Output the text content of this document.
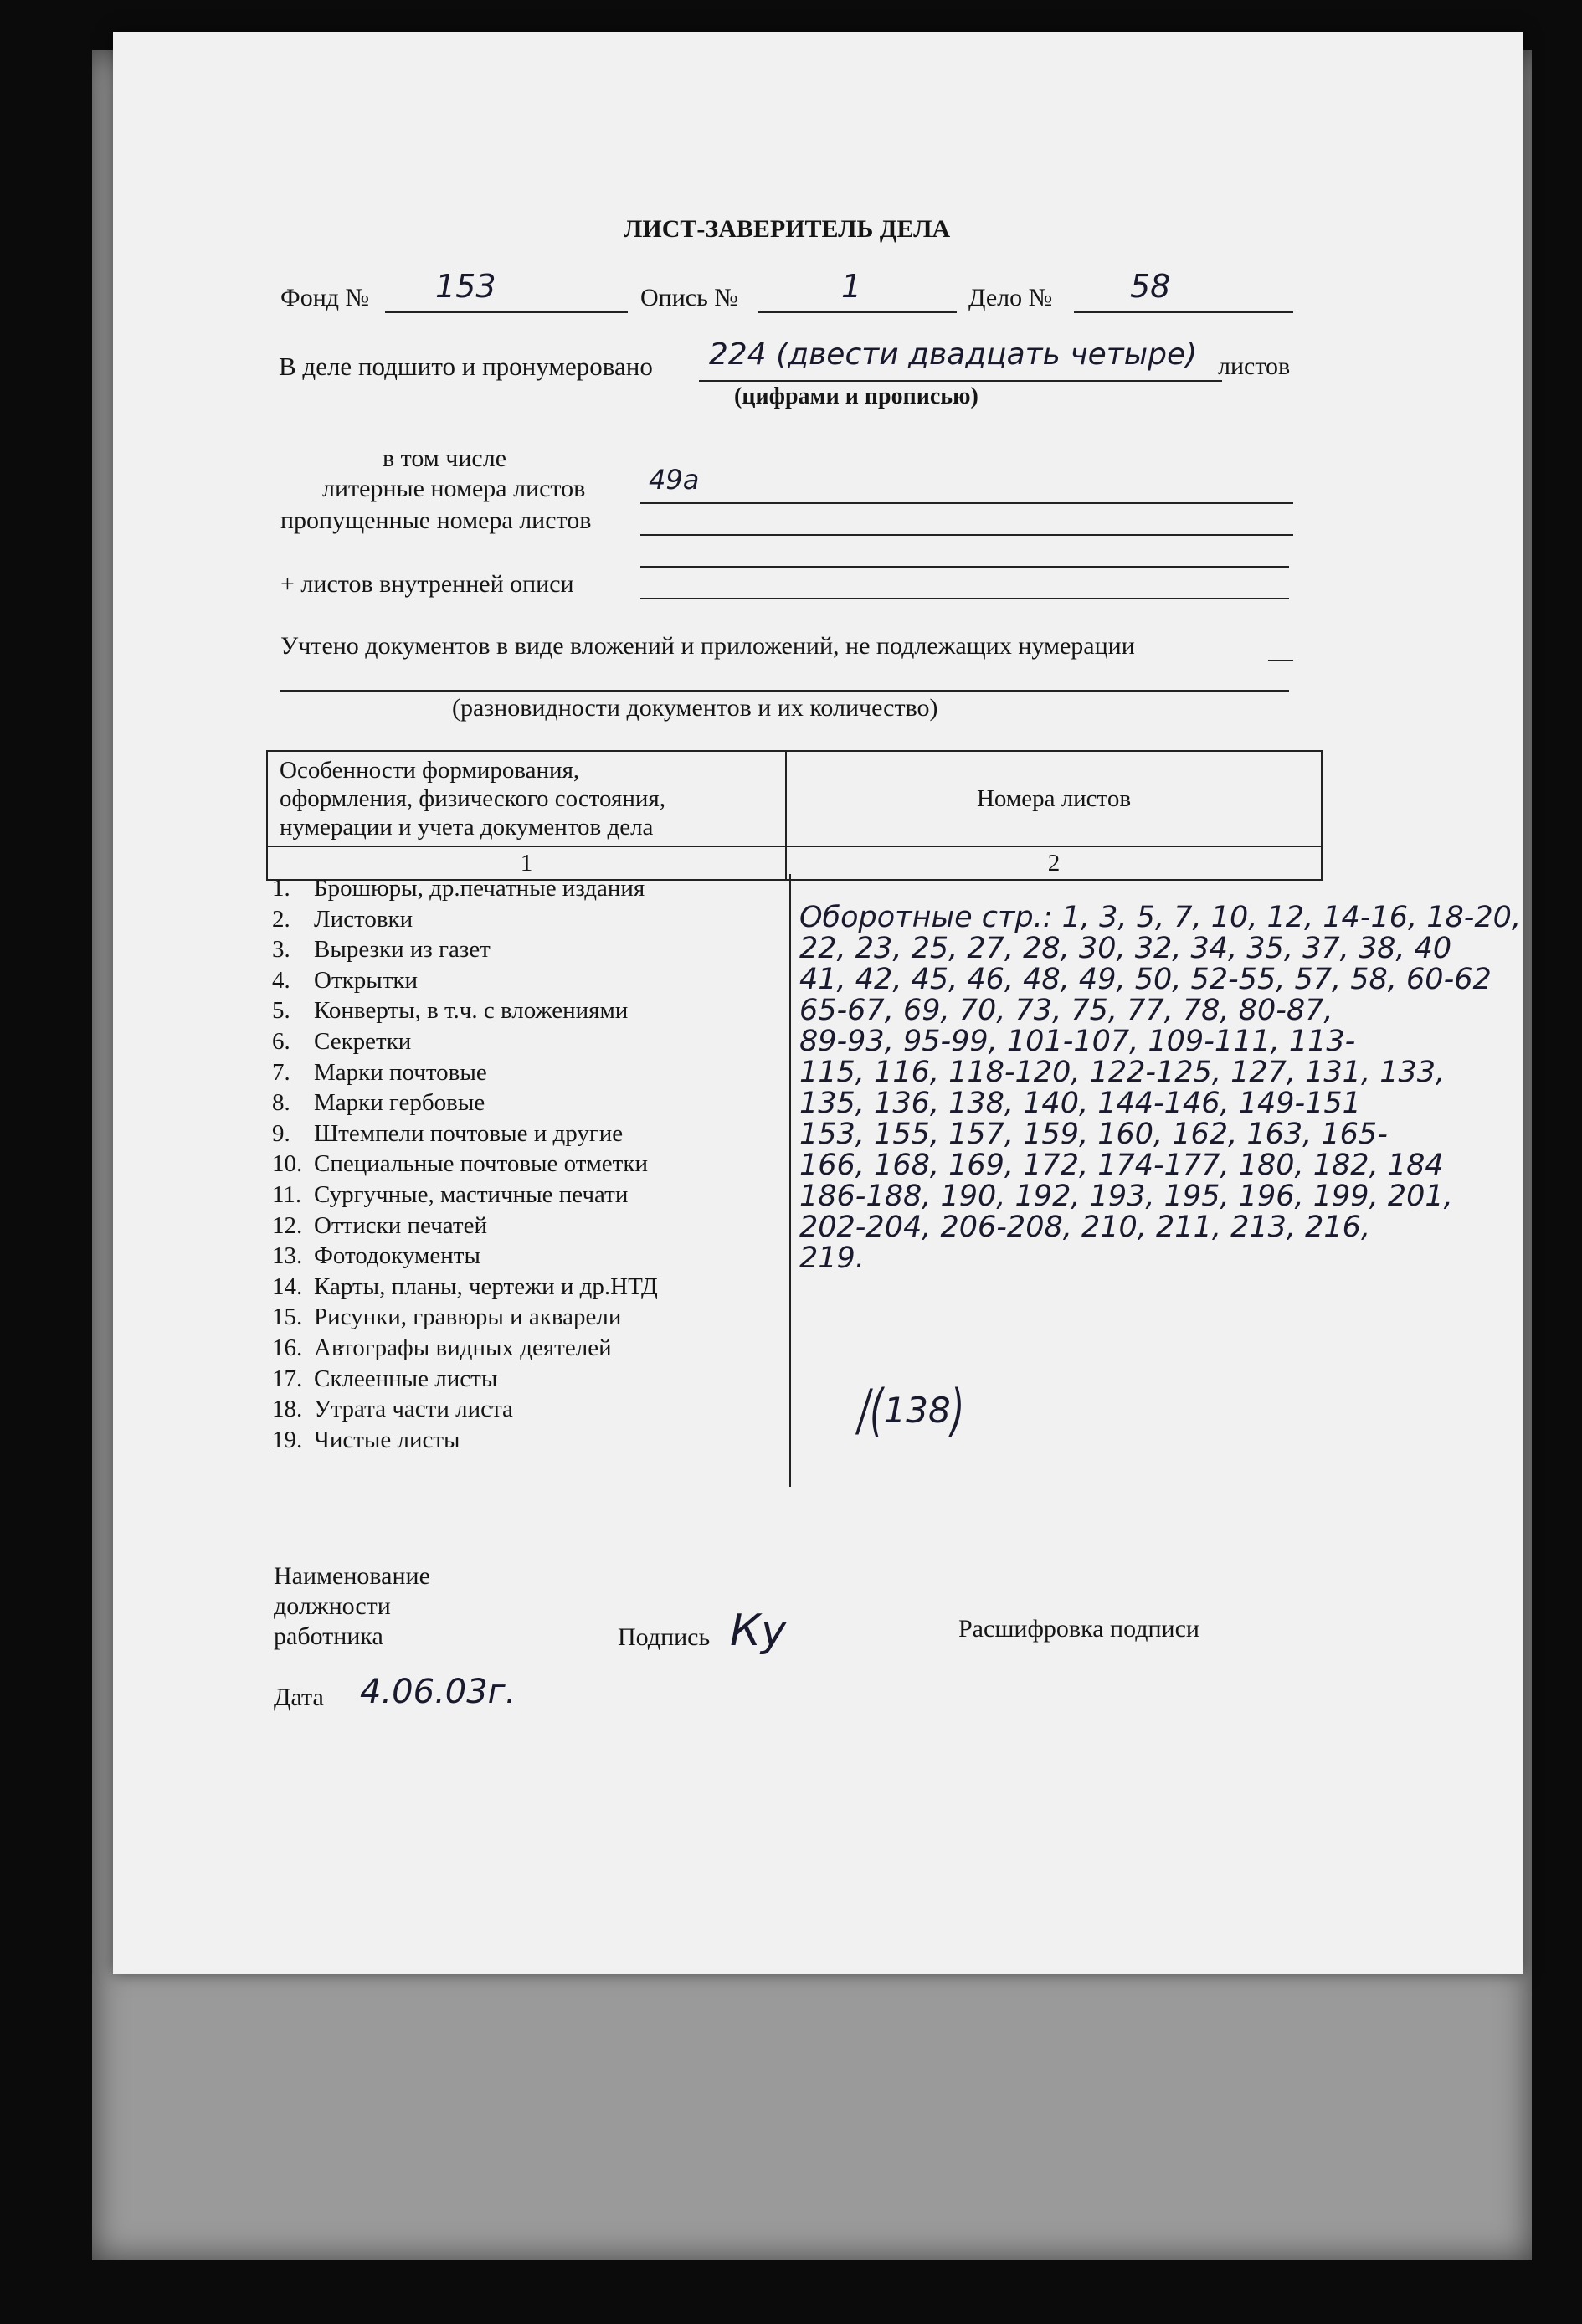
ЛИСТ-ЗАВЕРИТЕЛЬ ДЕЛА
Фонд № 153	Опись №	1	Дело № 58
В деле подшито и пронумеровано 224 (двести двадцать четыре) листов
(цифрами и прописью)
в том числе
литерные номера листов 49а
пропущенные номера листов
+ листов внутренней описи
Учтено документов в виде вложений и приложений, не подлежащих нумерации
(разновидности документов и их количество)
Особенности формирования,
оформления, физического состояния,
нумерации и учета документов дела	Номера листов
1	2
1. Брошюры, др.печатные издания
2. Листовки
3. Вырезки из газет
4. Открытки
5. Конверты, в т.ч. с вложениями
6. Секретки
7. Марки почтовые
8. Марки гербовые
9. Штемпели почтовые и другие
10. Специальные почтовые отметки
11. Сургучные, мастичные печати
12. Оттиски печатей
13. Фотодокументы
14. Карты, планы, чертежи и др.НТД
15. Рисунки, гравюры и акварели
16. Автографы видных деятелей
17. Склеенные листы
18. Утрата части листа
19. Чистые листы
Оборотные стр.: 1, 3, 5, 7, 10, 12, 14-16, 18-20,
22, 23, 25, 27, 28, 30, 32, 34, 35, 37, 38, 40
41, 42, 45, 46, 48, 49, 50, 52-55, 57, 58, 60-62
65-67, 69, 70, 73, 75, 77, 78, 80-87,
89-93, 95-99, 101-107, 109-111, 113-
115, 116, 118-120, 122-125, 127, 131, 133,
135, 136, 138, 140, 144-146, 149-151
153, 155, 157, 159, 160, 162, 163, 165-
166, 168, 169, 172, 174-177, 180, 182, 184
186-188, 190, 192, 193, 195, 196, 199, 201,
202-204, 206-208, 210, 211, 213, 216,
219.
/(138)
Наименование
должности
работника	Подпись Ку	Расшифровка подписи
Дата 4.06.03г.
